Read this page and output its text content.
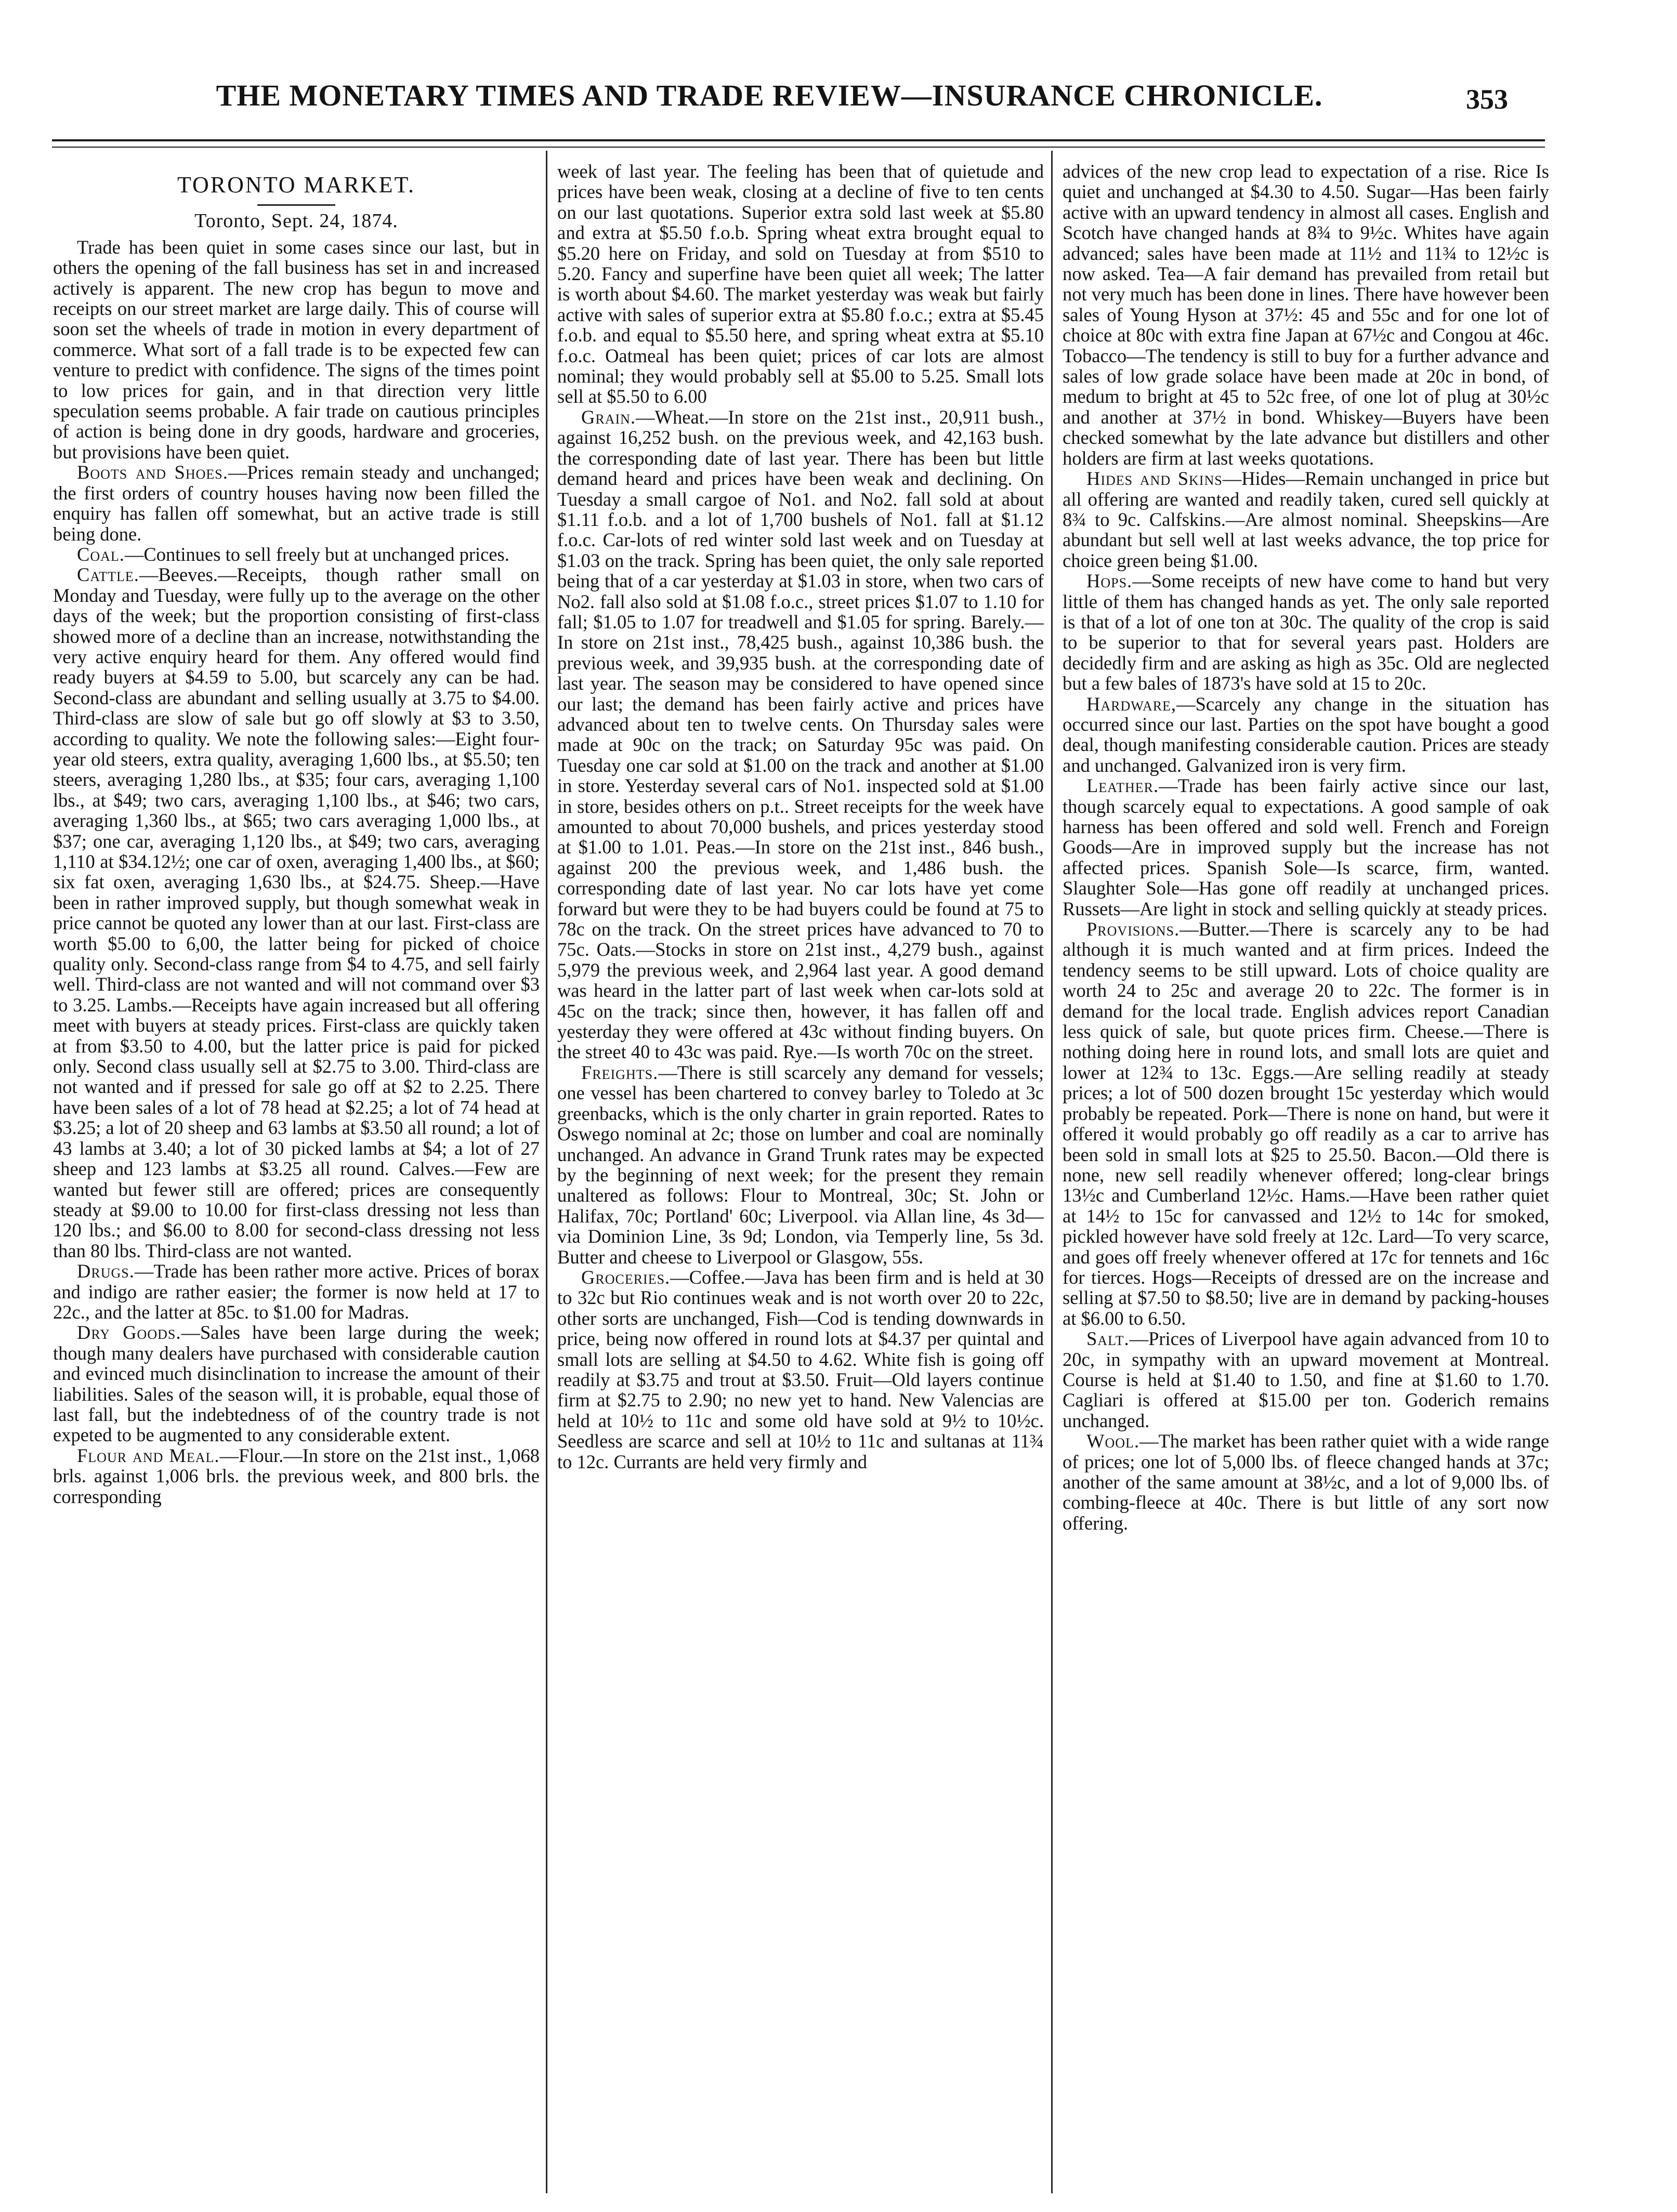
THE MONETARY TIMES AND TRADE REVIEW—INSURANCE CHRONICLE.	353
TORONTO MARKET.
Toronto, Sept. 24, 1874.

Trade has been quiet in some cases since our last, but in others the opening of the fall business has set in and increased actively is apparent. The new crop has begun to move and receipts on our street market are large daily. This of course will soon set the wheels of trade in motion in every department of commerce. What sort of a fall trade is to be expected few can venture to predict with confidence. The signs of the times point to low prices for gain, and in that direction very little speculation seems probable. A fair trade on cautious principles of action is being done in dry goods, hardware and groceries, but provisions have been quiet.

Boots and Shoes.—Prices remain steady and unchanged; the first orders of country houses having now been filled the enquiry has fallen off somewhat, but an active trade is still being done.

Coal.—Continues to sell freely but at unchanged prices.

Cattle.—Beeves.—Receipts, though rather small on Monday and Tuesday, were fully up to the average on the other days of the week; but the proportion consisting of first-class showed more of a decline than an increase, notwithstanding the very active enquiry heard for them. Any offered would find ready buyers at $4.59 to 5.00, but scarcely any can be had. Second-class are abundant and selling usually at 3.75 to $4.00. Third-class are slow of sale but go off slowly at $3 to 3.50, according to quality. We note the following sales:—Eight four-year old steers, extra quality, averaging 1,600 lbs., at $5.50; ten steers, averaging 1,280 lbs., at $35; four cars, averaging 1,100 lbs., at $49; two cars, averaging 1,100 lbs., at $46; two cars, averaging 1,360 lbs., at $65; two cars averaging 1,000 lbs., at $37; one car, averaging 1,120 lbs., at $49; two cars, averaging 1,110 at $34.12½; one car of oxen, averaging 1,400 lbs., at $60; six fat oxen, averaging 1,630 lbs., at $24.75. Sheep.—Have been in rather improved supply, but though somewhat weak in price cannot be quoted any lower than at our last. First-class are worth $5.00 to 6,00, the latter being for picked of choice quality only. Second-class range from $4 to 4.75, and sell fairly well. Third-class are not wanted and will not command over $3 to 3.25. Lambs.—Receipts have again increased but all offering meet with buyers at steady prices. First-class are quickly taken at from $3.50 to 4.00, but the latter price is paid for picked only. Second class usually sell at $2.75 to 3.00. Third-class are not wanted and if pressed for sale go off at $2 to 2.25. There have been sales of a lot of 78 head at $2.25; a lot of 74 head at $3.25; a lot of 20 sheep and 63 lambs at $3.50 all round; a lot of 43 lambs at 3.40; a lot of 30 picked lambs at $4; a lot of 27 sheep and 123 lambs at $3.25 all round. Calves.—Few are wanted but fewer still are offered; prices are consequently steady at $9.00 to 10.00 for first-class dressing not less than 120 lbs.; and $6.00 to 8.00 for second-class dressing not less than 80 lbs. Third-class are not wanted.

Drugs.—Trade has been rather more active. Prices of borax and indigo are rather easier; the former is now held at 17 to 22c., and the latter at 85c. to $1.00 for Madras.

Dry Goods.—Sales have been large during the week; though many dealers have purchased with considerable caution and evinced much disinclination to increase the amount of their liabilities. Sales of the season will, it is probable, equal those of last fall, but the indebtedness of of the country trade is not expeted to be augmented to any considerable extent.

Flour and Meal.—Flour.—In store on the 21st inst., 1,068 brls. against 1,006 brls. the previous week, and 800 brls. the corresponding

week of last year. The feeling has been that of quietude and prices have been weak, closing at a decline of five to ten cents on our last quotations. Superior extra sold last week at $5.80 and extra at $5.50 f.o.b. Spring wheat extra brought equal to $5.20 here on Friday, and sold on Tuesday at from $510 to 5.20. Fancy and superfine have been quiet all week; The latter is worth about $4.60. The market yesterday was weak but fairly active with sales of superior extra at $5.80 f.o.c.; extra at $5.45 f.o.b. and equal to $5.50 here, and spring wheat extra at $5.10 f.o.c. Oatmeal has been quiet; prices of car lots are almost nominal; they would probably sell at $5.00 to 5.25. Small lots sell at $5.50 to 6.00

Grain.—Wheat.—In store on the 21st inst., 20,911 bush., against 16,252 bush. on the previous week, and 42,163 bush. the corresponding date of last year. There has been but little demand heard and prices have been weak and declining. On Tuesday a small cargoe of No1. and No2. fall sold at about $1.11 f.o.b. and a lot of 1,700 bushels of No1. fall at $1.12 f.o.c. Car-lots of red winter sold last week and on Tuesday at $1.03 on the track. Spring has been quiet, the only sale reported being that of a car yesterday at $1.03 in store, when two cars of No2. fall also sold at $1.08 f.o.c., street prices $1.07 to 1.10 for fall; $1.05 to 1.07 for treadwell and $1.05 for spring. Barely.—In store on 21st inst., 78,425 bush., against 10,386 bush. the previous week, and 39,935 bush. at the corresponding date of last year. The season may be considered to have opened since our last; the demand has been fairly active and prices have advanced about ten to twelve cents. On Thursday sales were made at 90c on the track; on Saturday 95c was paid. On Tuesday one car sold at $1.00 on the track and another at $1.00 in store. Yesterday several cars of No1. inspected sold at $1.00 in store, besides others on p.t.. Street receipts for the week have amounted to about 70,000 bushels, and prices yesterday stood at $1.00 to 1.01. Peas.—In store on the 21st inst., 846 bush., against 200 the previous week, and 1,486 bush. the corresponding date of last year. No car lots have yet come forward but were they to be had buyers could be found at 75 to 78c on the track. On the street prices have advanced to 70 to 75c. Oats.—Stocks in store on 21st inst., 4,279 bush., against 5,979 the previous week, and 2,964 last year. A good demand was heard in the latter part of last week when car-lots sold at 45c on the track; since then, however, it has fallen off and yesterday they were offered at 43c without finding buyers. On the street 40 to 43c was paid. Rye.—Is worth 70c on the street.

Freights.—There is still scarcely any demand for vessels; one vessel has been chartered to convey barley to Toledo at 3c greenbacks, which is the only charter in grain reported. Rates to Oswego nominal at 2c; those on lumber and coal are nominally unchanged. An advance in Grand Trunk rates may be expected by the beginning of next week; for the present they remain unaltered as follows: Flour to Montreal, 30c; St. John or Halifax, 70c; Portland' 60c; Liverpool. via Allan line, 4s 3d—via Dominion Line, 3s 9d; London, via Temperly line, 5s 3d. Butter and cheese to Liverpool or Glasgow, 55s.

Groceries.—Coffee.—Java has been firm and is held at 30 to 32c but Rio continues weak and is not worth over 20 to 22c, other sorts are unchanged, Fish—Cod is tending downwards in price, being now offered in round lots at $4.37 per quintal and small lots are selling at $4.50 to 4.62. White fish is going off readily at $3.75 and trout at $3.50. Fruit—Old layers continue firm at $2.75 to 2.90; no new yet to hand. New Valencias are held at 10½ to 11c and some old have sold at 9½ to 10½c. Seedless are scarce and sell at 10½ to 11c and sultanas at 11¾ to 12c. Currants are held very firmly and

advices of the new crop lead to expectation of a rise. Rice Is quiet and unchanged at $4.30 to 4.50. Sugar—Has been fairly active with an upward tendency in almost all cases. English and Scotch have changed hands at 8¾ to 9½c. Whites have again advanced; sales have been made at 11½ and 11¾ to 12½c is now asked. Tea—A fair demand has prevailed from retail but not very much has been done in lines. There have however been sales of Young Hyson at 37½: 45 and 55c and for one lot of choice at 80c with extra fine Japan at 67½c and Congou at 46c. Tobacco—The tendency is still to buy for a further advance and sales of low grade solace have been made at 20c in bond, of medum to bright at 45 to 52c free, of one lot of plug at 30½c and another at 37½ in bond. Whiskey—Buyers have been checked somewhat by the late advance but distillers and other holders are firm at last weeks quotations.

Hides and Skins—Hides—Remain unchanged in price but all offering are wanted and readily taken, cured sell quickly at 8¾ to 9c. Calfskins.—Are almost nominal. Sheepskins—Are abundant but sell well at last weeks advance, the top price for choice green being $1.00.

Hops.—Some receipts of new have come to hand but very little of them has changed hands as yet. The only sale reported is that of a lot of one ton at 30c. The quality of the crop is said to be superior to that for several years past. Holders are decidedly firm and are asking as high as 35c. Old are neglected but a few bales of 1873's have sold at 15 to 20c.

Hardware,—Scarcely any change in the situation has occurred since our last. Parties on the spot have bought a good deal, though manifesting considerable caution. Prices are steady and unchanged. Galvanized iron is very firm.

Leather.—Trade has been fairly active since our last, though scarcely equal to expectations. A good sample of oak harness has been offered and sold well. French and Foreign Goods—Are in improved supply but the increase has not affected prices. Spanish Sole—Is scarce, firm, wanted. Slaughter Sole—Has gone off readily at unchanged prices. Russets—Are light in stock and selling quickly at steady prices.

Provisions.—Butter.—There is scarcely any to be had although it is much wanted and at firm prices. Indeed the tendency seems to be still upward. Lots of choice quality are worth 24 to 25c and average 20 to 22c. The former is in demand for the local trade. English advices report Canadian less quick of sale, but quote prices firm. Cheese.—There is nothing doing here in round lots, and small lots are quiet and lower at 12¾ to 13c. Eggs.—Are selling readily at steady prices; a lot of 500 dozen brought 15c yesterday which would probably be repeated. Pork—There is none on hand, but were it offered it would probably go off readily as a car to arrive has been sold in small lots at $25 to 25.50. Bacon.—Old there is none, new sell readily whenever offered; long-clear brings 13½c and Cumberland 12½c. Hams.—Have been rather quiet at 14½ to 15c for canvassed and 12½ to 14c for smoked, pickled however have sold freely at 12c. Lard—To very scarce, and goes off freely whenever offered at 17c for tennets and 16c for tierces. Hogs—Receipts of dressed are on the increase and selling at $7.50 to $8.50; live are in demand by packing-houses at $6.00 to 6.50.

Salt.—Prices of Liverpool have again advanced from 10 to 20c, in sympathy with an upward movement at Montreal. Course is held at $1.40 to 1.50, and fine at $1.60 to 1.70. Cagliari is offered at $15.00 per ton. Goderich remains unchanged.

Wool.—The market has been rather quiet with a wide range of prices; one lot of 5,000 lbs. of fleece changed hands at 37c; another of the same amount at 38½c, and a lot of 9,000 lbs. of combing-fleece at 40c. There is but little of any sort now offering.
